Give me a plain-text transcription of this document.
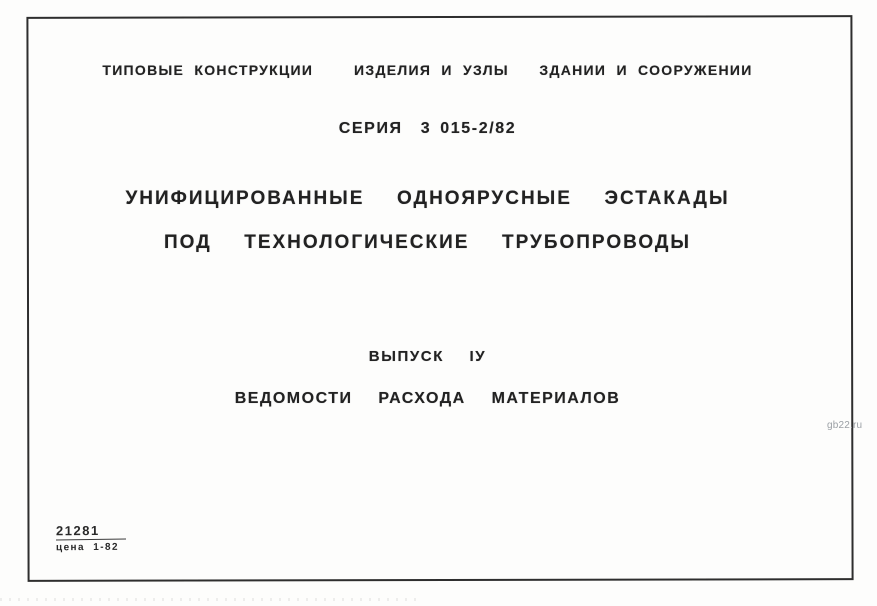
ТИПОВЫЕ КОНСТРУКЦИИ    ИЗДЕЛИЯ И УЗЛЫ   ЗДАНИИ И СООРУЖЕНИИ
СЕРИЯ  3 015-2/82
УНИФИЦИРОВАННЫЕ  ОДНОЯРУСНЫЕ  ЭСТАКАДЫ
ПОД  ТЕХНОЛОГИЧЕСКИЕ  ТРУБОПРОВОДЫ
ВЫПУСК  IУ
ВЕДОМОСТИ  РАСХОДА  МАТЕРИАЛОВ
21281
цена  1-82
gb22.ru
